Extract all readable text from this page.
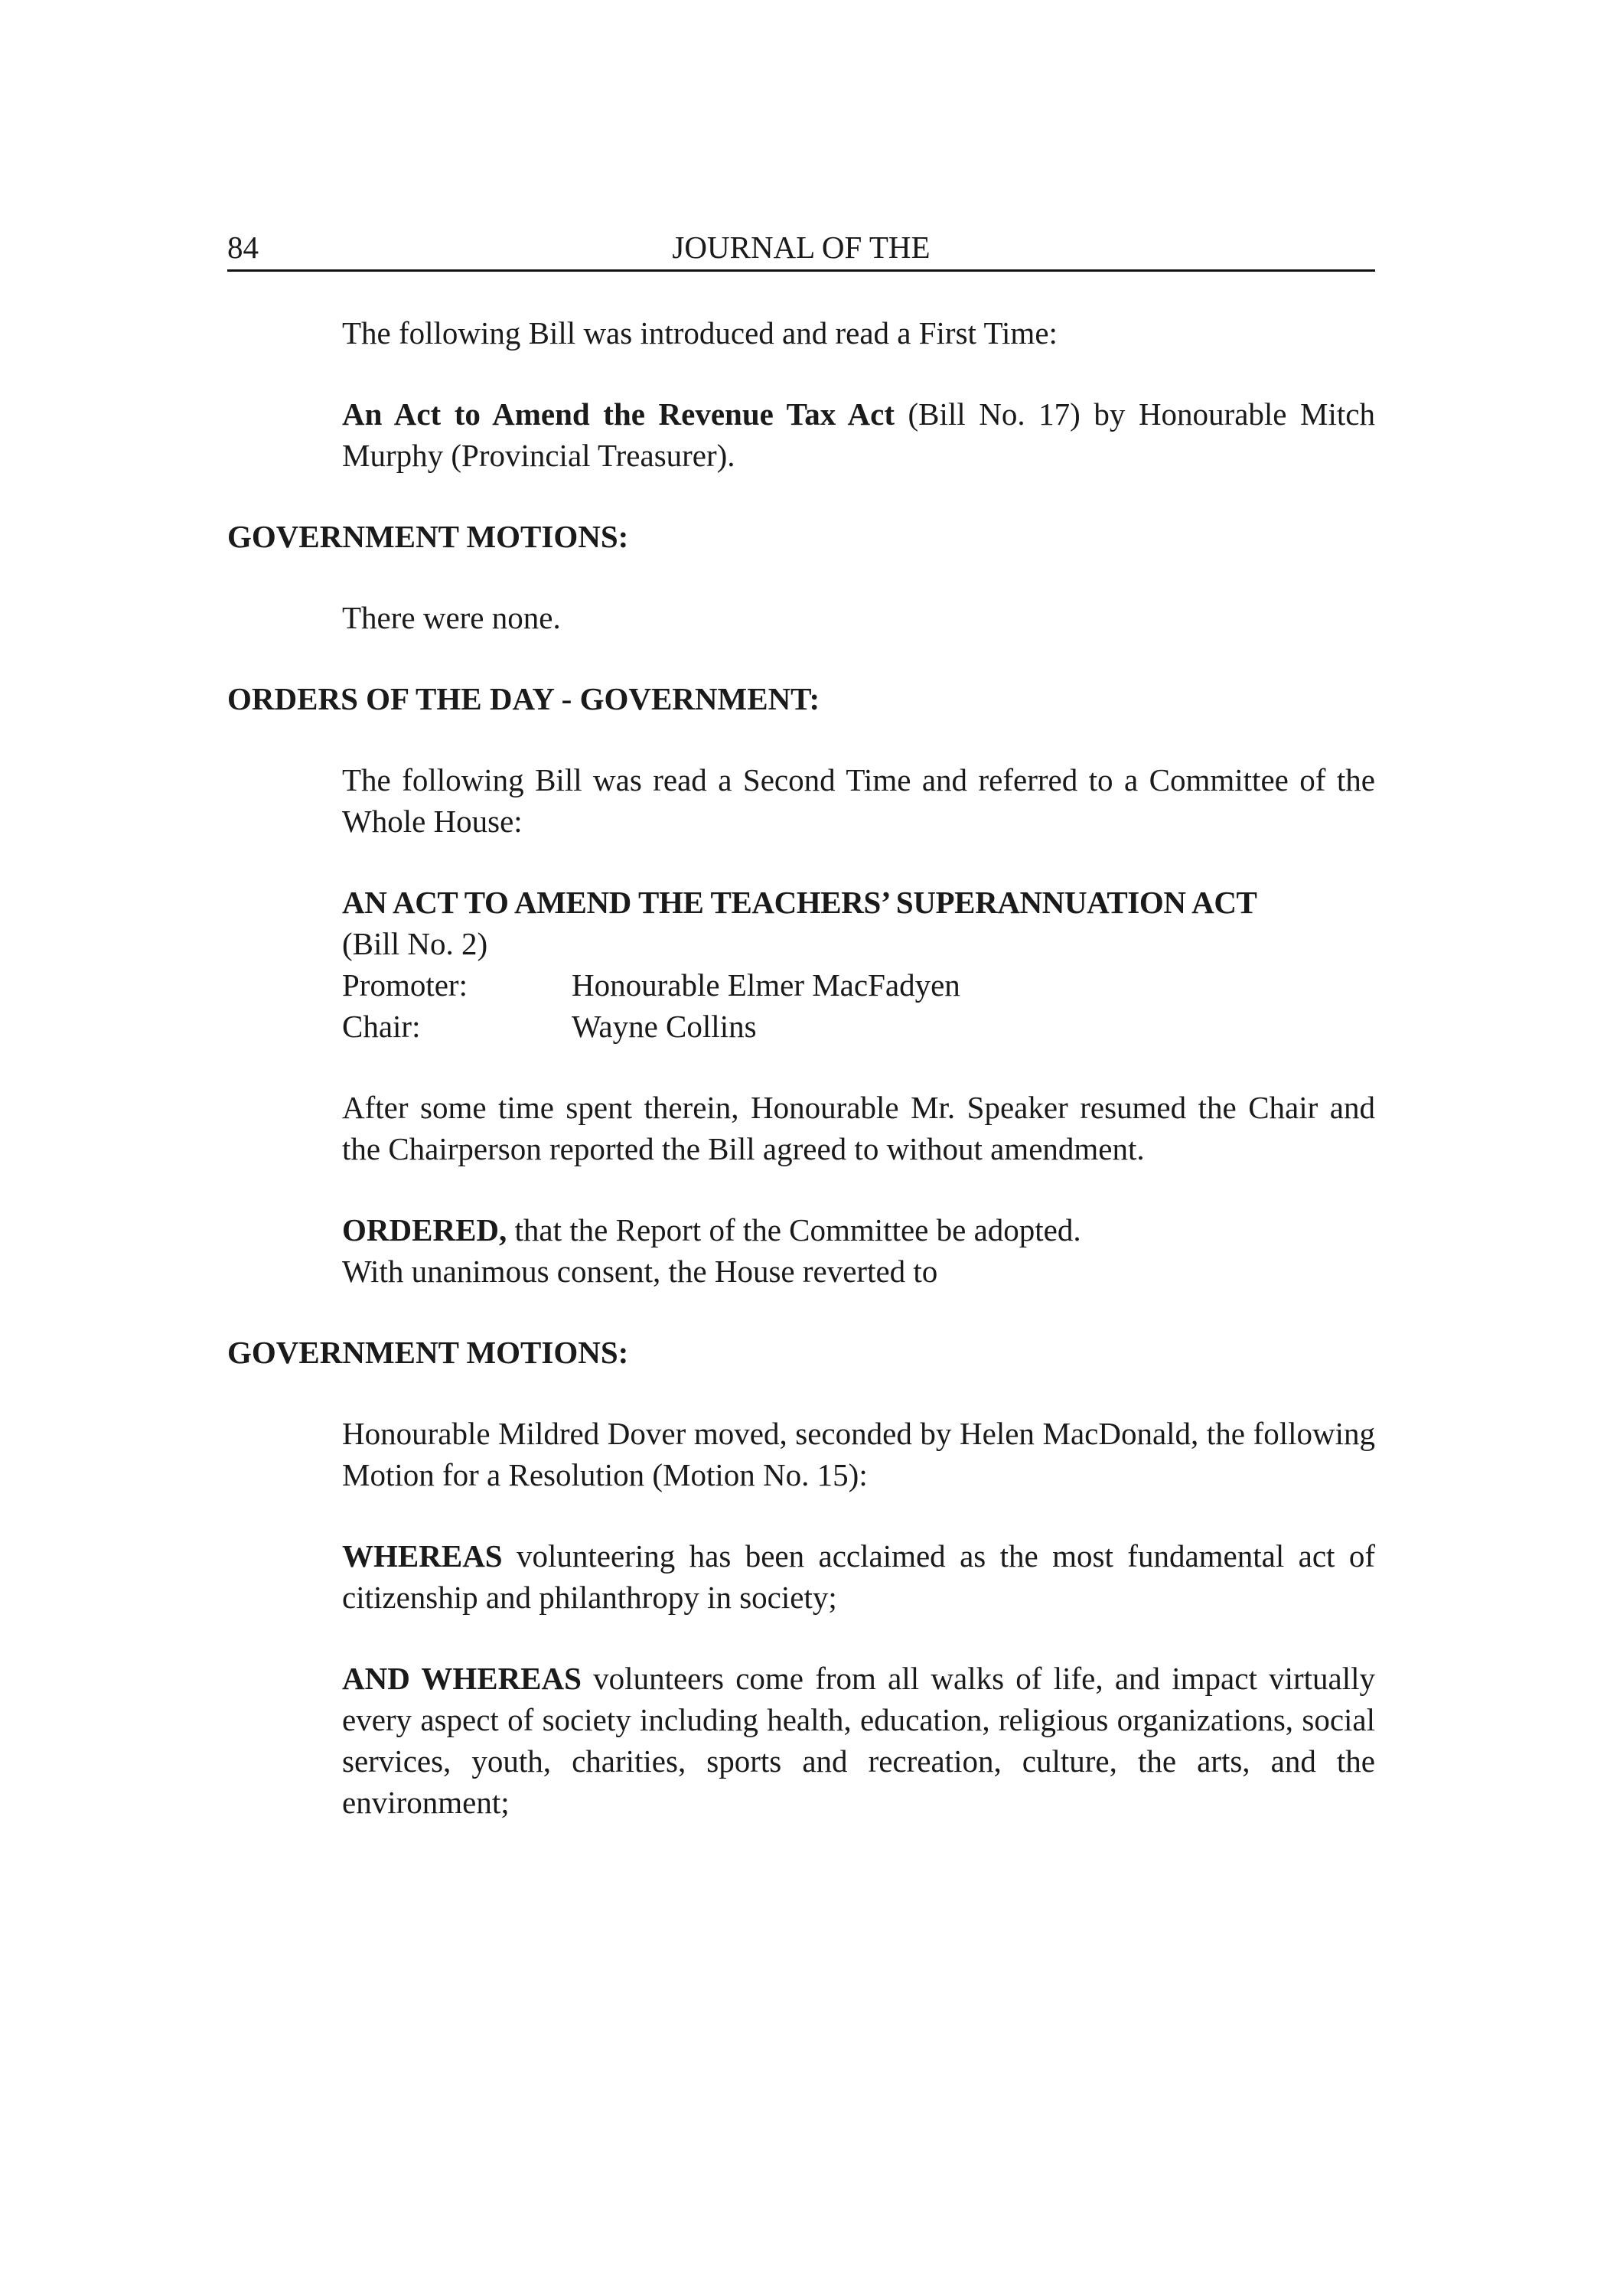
84	JOURNAL OF THE

The following Bill was introduced and read a First Time:

An Act to Amend the Revenue Tax Act (Bill No. 17) by Honourable Mitch Murphy (Provincial Treasurer).

GOVERNMENT MOTIONS:

There were none.

ORDERS OF THE DAY - GOVERNMENT:

The following Bill was read a Second Time and referred to a Committee of the Whole House:

AN ACT TO AMEND THE TEACHERS’ SUPERANNUATION ACT
(Bill No. 2)
Promoter:	Honourable Elmer MacFadyen
Chair:	Wayne Collins

After some time spent therein, Honourable Mr. Speaker resumed the Chair and the Chairperson reported the Bill agreed to without amendment.

ORDERED, that the Report of the Committee be adopted.

With unanimous consent, the House reverted to

GOVERNMENT MOTIONS:

Honourable Mildred Dover moved, seconded by Helen MacDonald, the following Motion for a Resolution (Motion No. 15):

WHEREAS volunteering has been acclaimed as the most fundamental act of citizenship and philanthropy in society;

AND WHEREAS volunteers come from all walks of life, and impact virtually every aspect of society including health, education, religious organizations, social services, youth, charities, sports and recreation, culture, the arts, and the environment;
